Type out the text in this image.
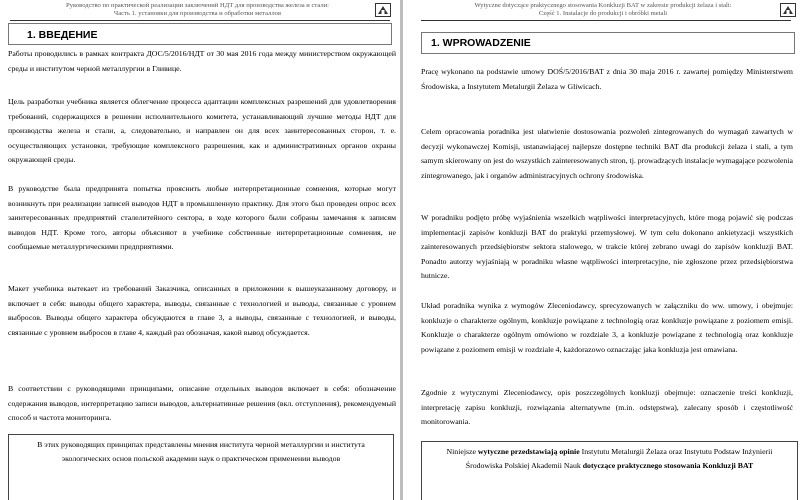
Руководство по практической реализации заключений НДТ для производства железа и стали:
Часть 1. установки для производства и обработки металлов
1. ВВЕДЕНИЕ
Работы проводились в рамках контракта ДОС/5/2016/НДТ от 30 мая 2016 года между министерством окружающей среды и институтом черной металлургии в Гливице.
Цель разработки учебника является облегчение процесса адаптации комплексных разрешений для удовлетворения требований, содержащихся в решении исполнительного комитета, устанавливающий лучшие методы НДТ для производства железа и стали, а, следовательно, и направлен он для всех заинтересованных сторон, т. е. осуществляющих установки, требующие комплексного разрешения, как и административных органов охраны окружающей среды.
В руководстве была предпринята попытка прояснить любые интерпретационные сомнения, которые могут возникнуть при реализации записей выводов НДТ в промышленную практику. Для этого был проведен опрос всех заинтересованных предприятий сталелитейного сектора, в ходе которого были собраны замечания к записям выводов НДТ. Кроме того, авторы объясняют в учебнике собственные интерпретационные сомнения, не сообщаемые металлургическими предприятиями.
Макет учебника вытекает из требований Заказчика, описанных в приложении к вышеуказанному договору, и включает в себя: выводы общего характера, выводы, связанные с технологией и выводы, связанные с уровнем выбросов. Выводы общего характера обсуждаются в главе 3, а выводы, связанные с технологией, и выводы, связанные с уровнем выбросов в главе 4, каждый раз обозначая, какой вывод обсуждается.
В соответствии с руководящими принципами, описание отдельных выводов включает в себя: обозначение содержания выводов, интерпретацию записи выводов, альтернативные решения (вкл. отступления), рекомендуемый способ и частота мониторинга.
В этих руководящих принципах представлены мнения института черной металлургии и института экологических основ польской академии наук о практическом применении выводов
Wytyczne dotyczące praktycznego stosowania Konkluzji BAT w zakresie produkcji żelaza i stali:
Część 1. Instalacje do produkcji i obróbki metali
1. WPROWADZENIE
Pracę wykonano na podstawie umowy DOŚ/5/2016/BAT z dnia 30 maja 2016 r. zawartej pomiędzy Ministerstwem Środowiska, a Instytutem Metalurgii Żelaza w Gliwicach.
Celem opracowania poradnika jest ułatwienie dostosowania pozwoleń zintegrowanych do wymagań zawartych w decyzji wykonawczej Komisji, ustanawiającej najlepsze dostępne techniki BAT dla produkcji żelaza i stali, a tym samym skierowany on jest do wszystkich zainteresowanych stron, tj. prowadzących instalacje wymagające pozwolenia zintegrowanego, jak i organów administracyjnych ochrony środowiska.
W poradniku podjęto próbę wyjaśnienia wszelkich wątpliwości interpretacyjnych, które mogą pojawić się podczas implementacji zapisów konkluzji BAT do praktyki przemysłowej. W tym celu dokonano ankietyzacji wszystkich zainteresowanych przedsiębiorstw sektora stalowego, w trakcie której zebrano uwagi do zapisów konkluzji BAT. Ponadto autorzy wyjaśniają w poradniku własne wątpliwości interpretacyjne, nie zgłoszone przez przedsiębiorstwa hutnicze.
Układ poradnika wynika z wymogów Zleceniodawcy, sprecyzowanych w załączniku do ww. umowy, i obejmuje: konkluzje o charakterze ogólnym, konkluzje powiązane z technologią oraz konkluzje powiązane z poziomem emisji. Konkluzje o charakterze ogólnym omówiono w rozdziale 3, a konkluzje powiązane z technologią oraz konkluzje powiązane z poziomem emisji w rozdziale 4, każdorazowo oznaczając jaka konkluzja jest omawiana.
Zgodnie z wytycznymi Zleceniodawcy, opis poszczególnych konkluzji obejmuje: oznaczenie treści konkluzji, interpretację zapisu konkluzji, rozwiązania alternatywne (m.in. odstępstwa), zalecany sposób i częstotliwość monitorowania.
Niniejsze wytyczne przedstawiają opinie Instytutu Metalurgii Żelaza oraz Instytutu Podstaw Inżynierii Środowiska Polskiej Akademii Nauk dotyczące praktycznego stosowania Konkluzji BAT
